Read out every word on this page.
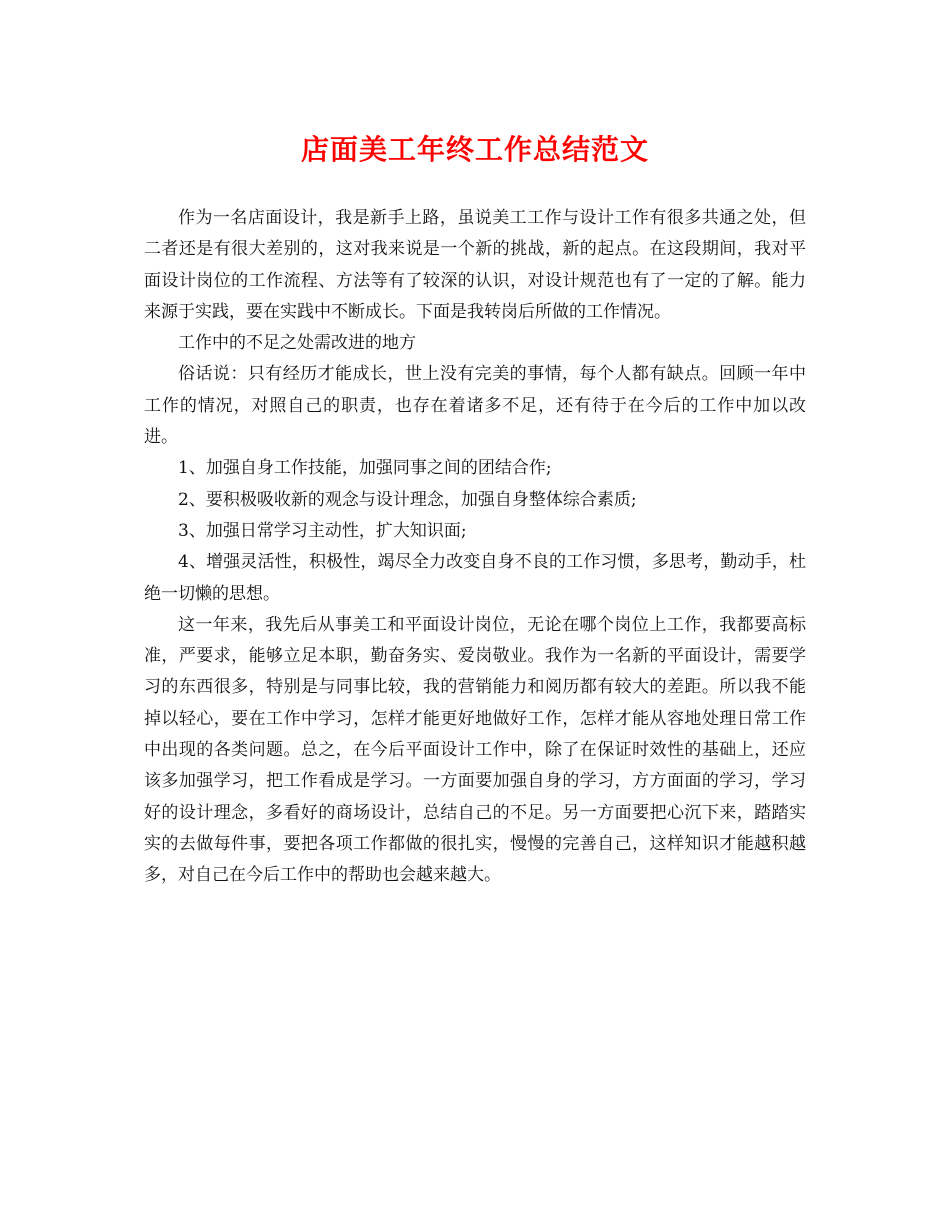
店面美工年终工作总结范文

作为一名店面设计，我是新手上路，虽说美工工作与设计工作有很多共通之处，但二者还是有很大差别的，这对我来说是一个新的挑战，新的起点。在这段期间，我对平面设计岗位的工作流程、方法等有了较深的认识，对设计规范也有了一定的了解。能力来源于实践，要在实践中不断成长。下面是我转岗后所做的工作情况。

工作中的不足之处需改进的地方

俗话说：只有经历才能成长，世上没有完美的事情，每个人都有缺点。回顾一年中工作的情况，对照自己的职责，也存在着诸多不足，还有待于在今后的工作中加以改进。

1、加强自身工作技能，加强同事之间的团结合作;

2、要积极吸收新的观念与设计理念，加强自身整体综合素质;

3、加强日常学习主动性，扩大知识面;

4、增强灵活性，积极性，竭尽全力改变自身不良的工作习惯，多思考，勤动手，杜绝一切懒的思想。

这一年来，我先后从事美工和平面设计岗位，无论在哪个岗位上工作，我都要高标准，严要求，能够立足本职，勤奋务实、爱岗敬业。我作为一名新的平面设计，需要学习的东西很多，特别是与同事比较，我的营销能力和阅历都有较大的差距。所以我不能掉以轻心，要在工作中学习，怎样才能更好地做好工作，怎样才能从容地处理日常工作中出现的各类问题。总之，在今后平面设计工作中，除了在保证时效性的基础上，还应该多加强学习，把工作看成是学习。一方面要加强自身的学习，方方面面的学习，学习好的设计理念，多看好的商场设计，总结自己的不足。另一方面要把心沉下来，踏踏实实的去做每件事，要把各项工作都做的很扎实，慢慢的完善自己，这样知识才能越积越多，对自己在今后工作中的帮助也会越来越大。
